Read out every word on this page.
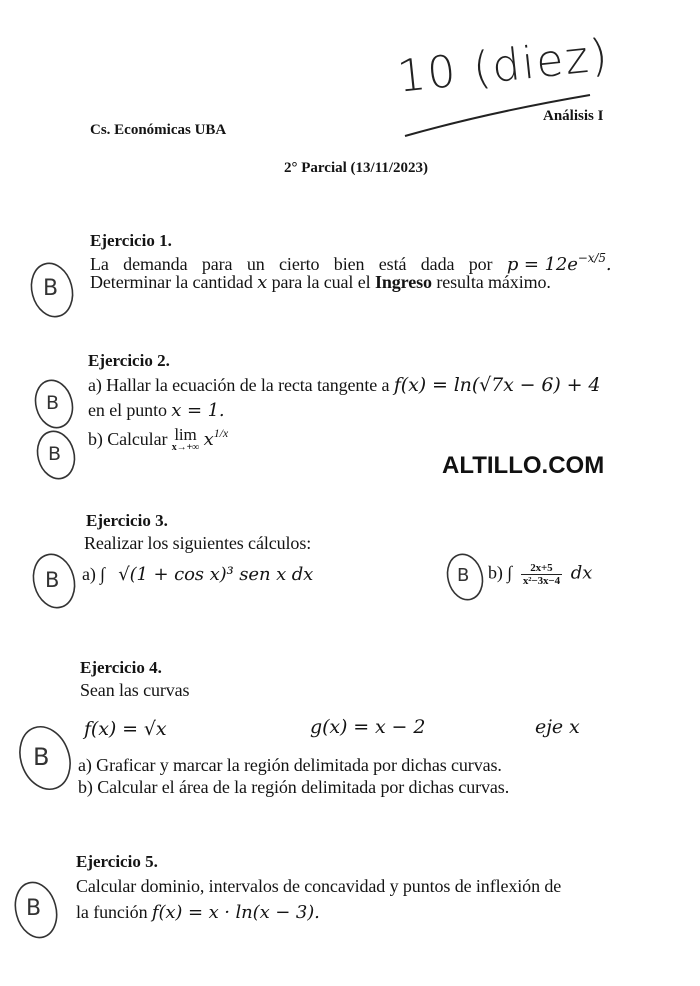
B
B
B
B	B
B
B
10 (diez)
Cs. Económicas UBA
Análisis I
2° Parcial (13/11/2023)
Ejercicio 1.
La demanda para un cierto bien está dada por $p = 12e^{-x/5}$.
Determinar la cantidad x para la cual el Ingreso resulta máximo.
Ejercicio 2.
a) Hallar la ecuación de la recta tangente a f(x) = ln(√7x − 6) + 4
en el punto x = 1.
b) Calcular lim
x→+∞ $x^{1/x}$
ALTILLO.COM
Ejercicio 3.
Realizar los siguientes cálculos:
a) ∫ √(1 + cos x)³ sen x dx	b) ∫ $\frac{2x+5}{\text{x²−3x−4}}$ dx
Ejercicio 4.
Sean las curvas
f(x) = √x	g(x) = x − 2	eje x
a) Graficar y marcar la región delimitada por dichas curvas.
b) Calcular el área de la región delimitada por dichas curvas.
Ejercicio 5.
Calcular dominio, intervalos de concavidad y puntos de inflexión de
la función f(x) = x · ln(x − 3).
